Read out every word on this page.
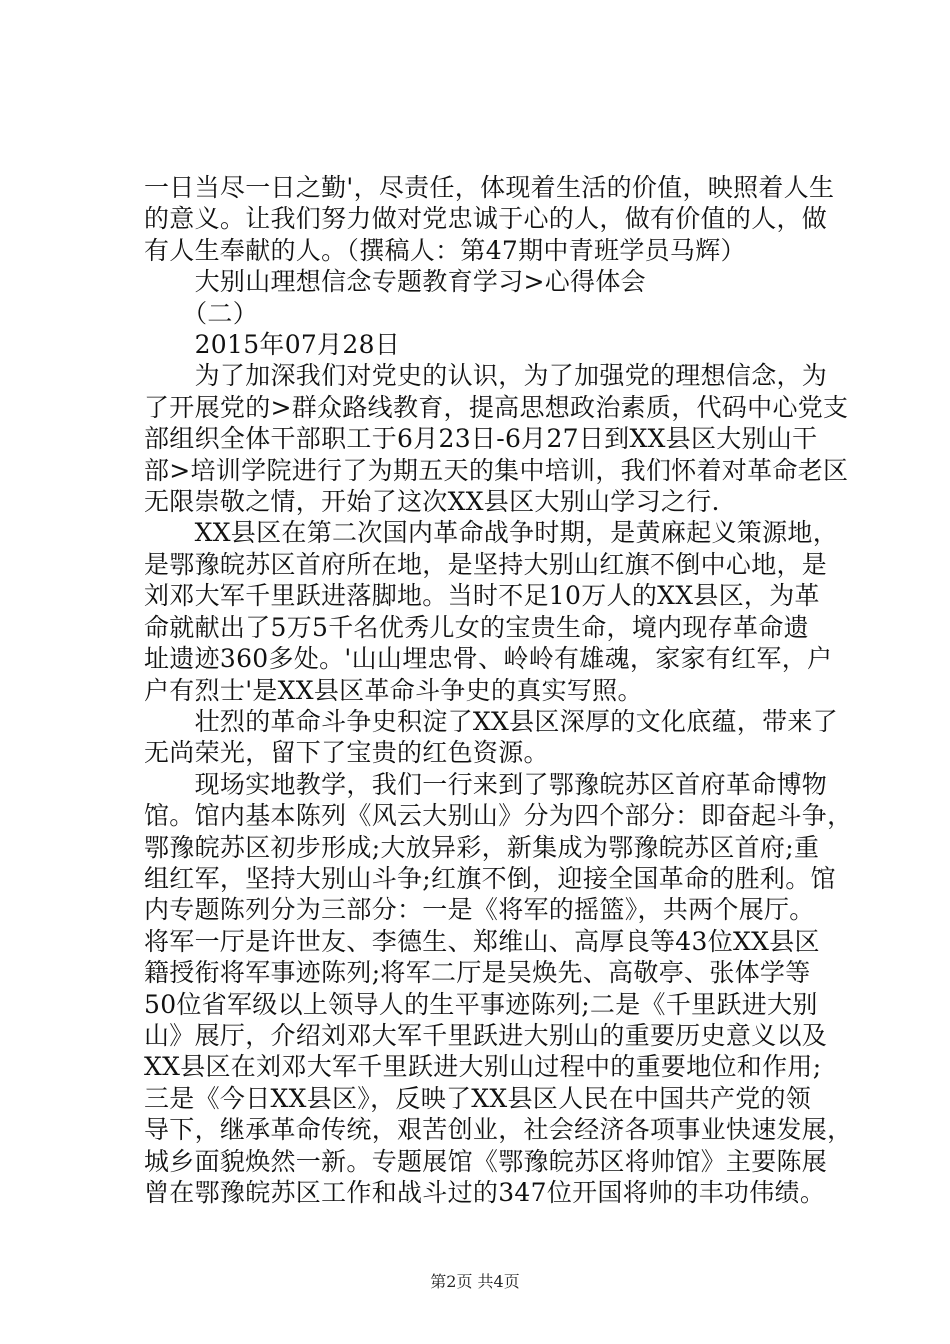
一日当尽一日之勤'，尽责任，体现着生活的价值，映照着人生
的意义。让我们努力做对党忠诚于心的人，做有价值的人，做
有人生奉献的人。（撰稿人：第47期中青班学员马辉）
　　大别山理想信念专题教育学习>心得体会
　　（二）
　　2015年07月28日
　　为了加深我们对党史的认识，为了加强党的理想信念，为
了开展党的>群众路线教育，提高思想政治素质，代码中心党支
部组织全体干部职工于6月23日-6月27日到XX县区大别山干
部>培训学院进行了为期五天的集中培训，我们怀着对革命老区
无限崇敬之情，开始了这次XX县区大别山学习之行.
　　XX县区在第二次国内革命战争时期，是黄麻起义策源地，
是鄂豫皖苏区首府所在地，是坚持大别山红旗不倒中心地，是
刘邓大军千里跃进落脚地。当时不足10万人的XX县区，为革
命就献出了5万5千名优秀儿女的宝贵生命，境内现存革命遗
址遗迹360多处。'山山埋忠骨、岭岭有雄魂，家家有红军，户
户有烈士'是XX县区革命斗争史的真实写照。
　　壮烈的革命斗争史积淀了XX县区深厚的文化底蕴，带来了
无尚荣光，留下了宝贵的红色资源。
　　现场实地教学，我们一行来到了鄂豫皖苏区首府革命博物
馆。馆内基本陈列《风云大别山》分为四个部分：即奋起斗争，
鄂豫皖苏区初步形成;大放异彩，新集成为鄂豫皖苏区首府;重
组红军，坚持大别山斗争;红旗不倒，迎接全国革命的胜利。馆
内专题陈列分为三部分：一是《将军的摇篮》，共两个展厅。
将军一厅是许世友、李德生、郑维山、高厚良等43位XX县区
籍授衔将军事迹陈列;将军二厅是吴焕先、高敬亭、张体学等
50位省军级以上领导人的生平事迹陈列;二是《千里跃进大别
山》展厅，介绍刘邓大军千里跃进大别山的重要历史意义以及
XX县区在刘邓大军千里跃进大别山过程中的重要地位和作用;
三是《今日XX县区》，反映了XX县区人民在中国共产党的领
导下，继承革命传统，艰苦创业，社会经济各项事业快速发展，
城乡面貌焕然一新。专题展馆《鄂豫皖苏区将帅馆》主要陈展
曾在鄂豫皖苏区工作和战斗过的347位开国将帅的丰功伟绩。
第2页 共4页
